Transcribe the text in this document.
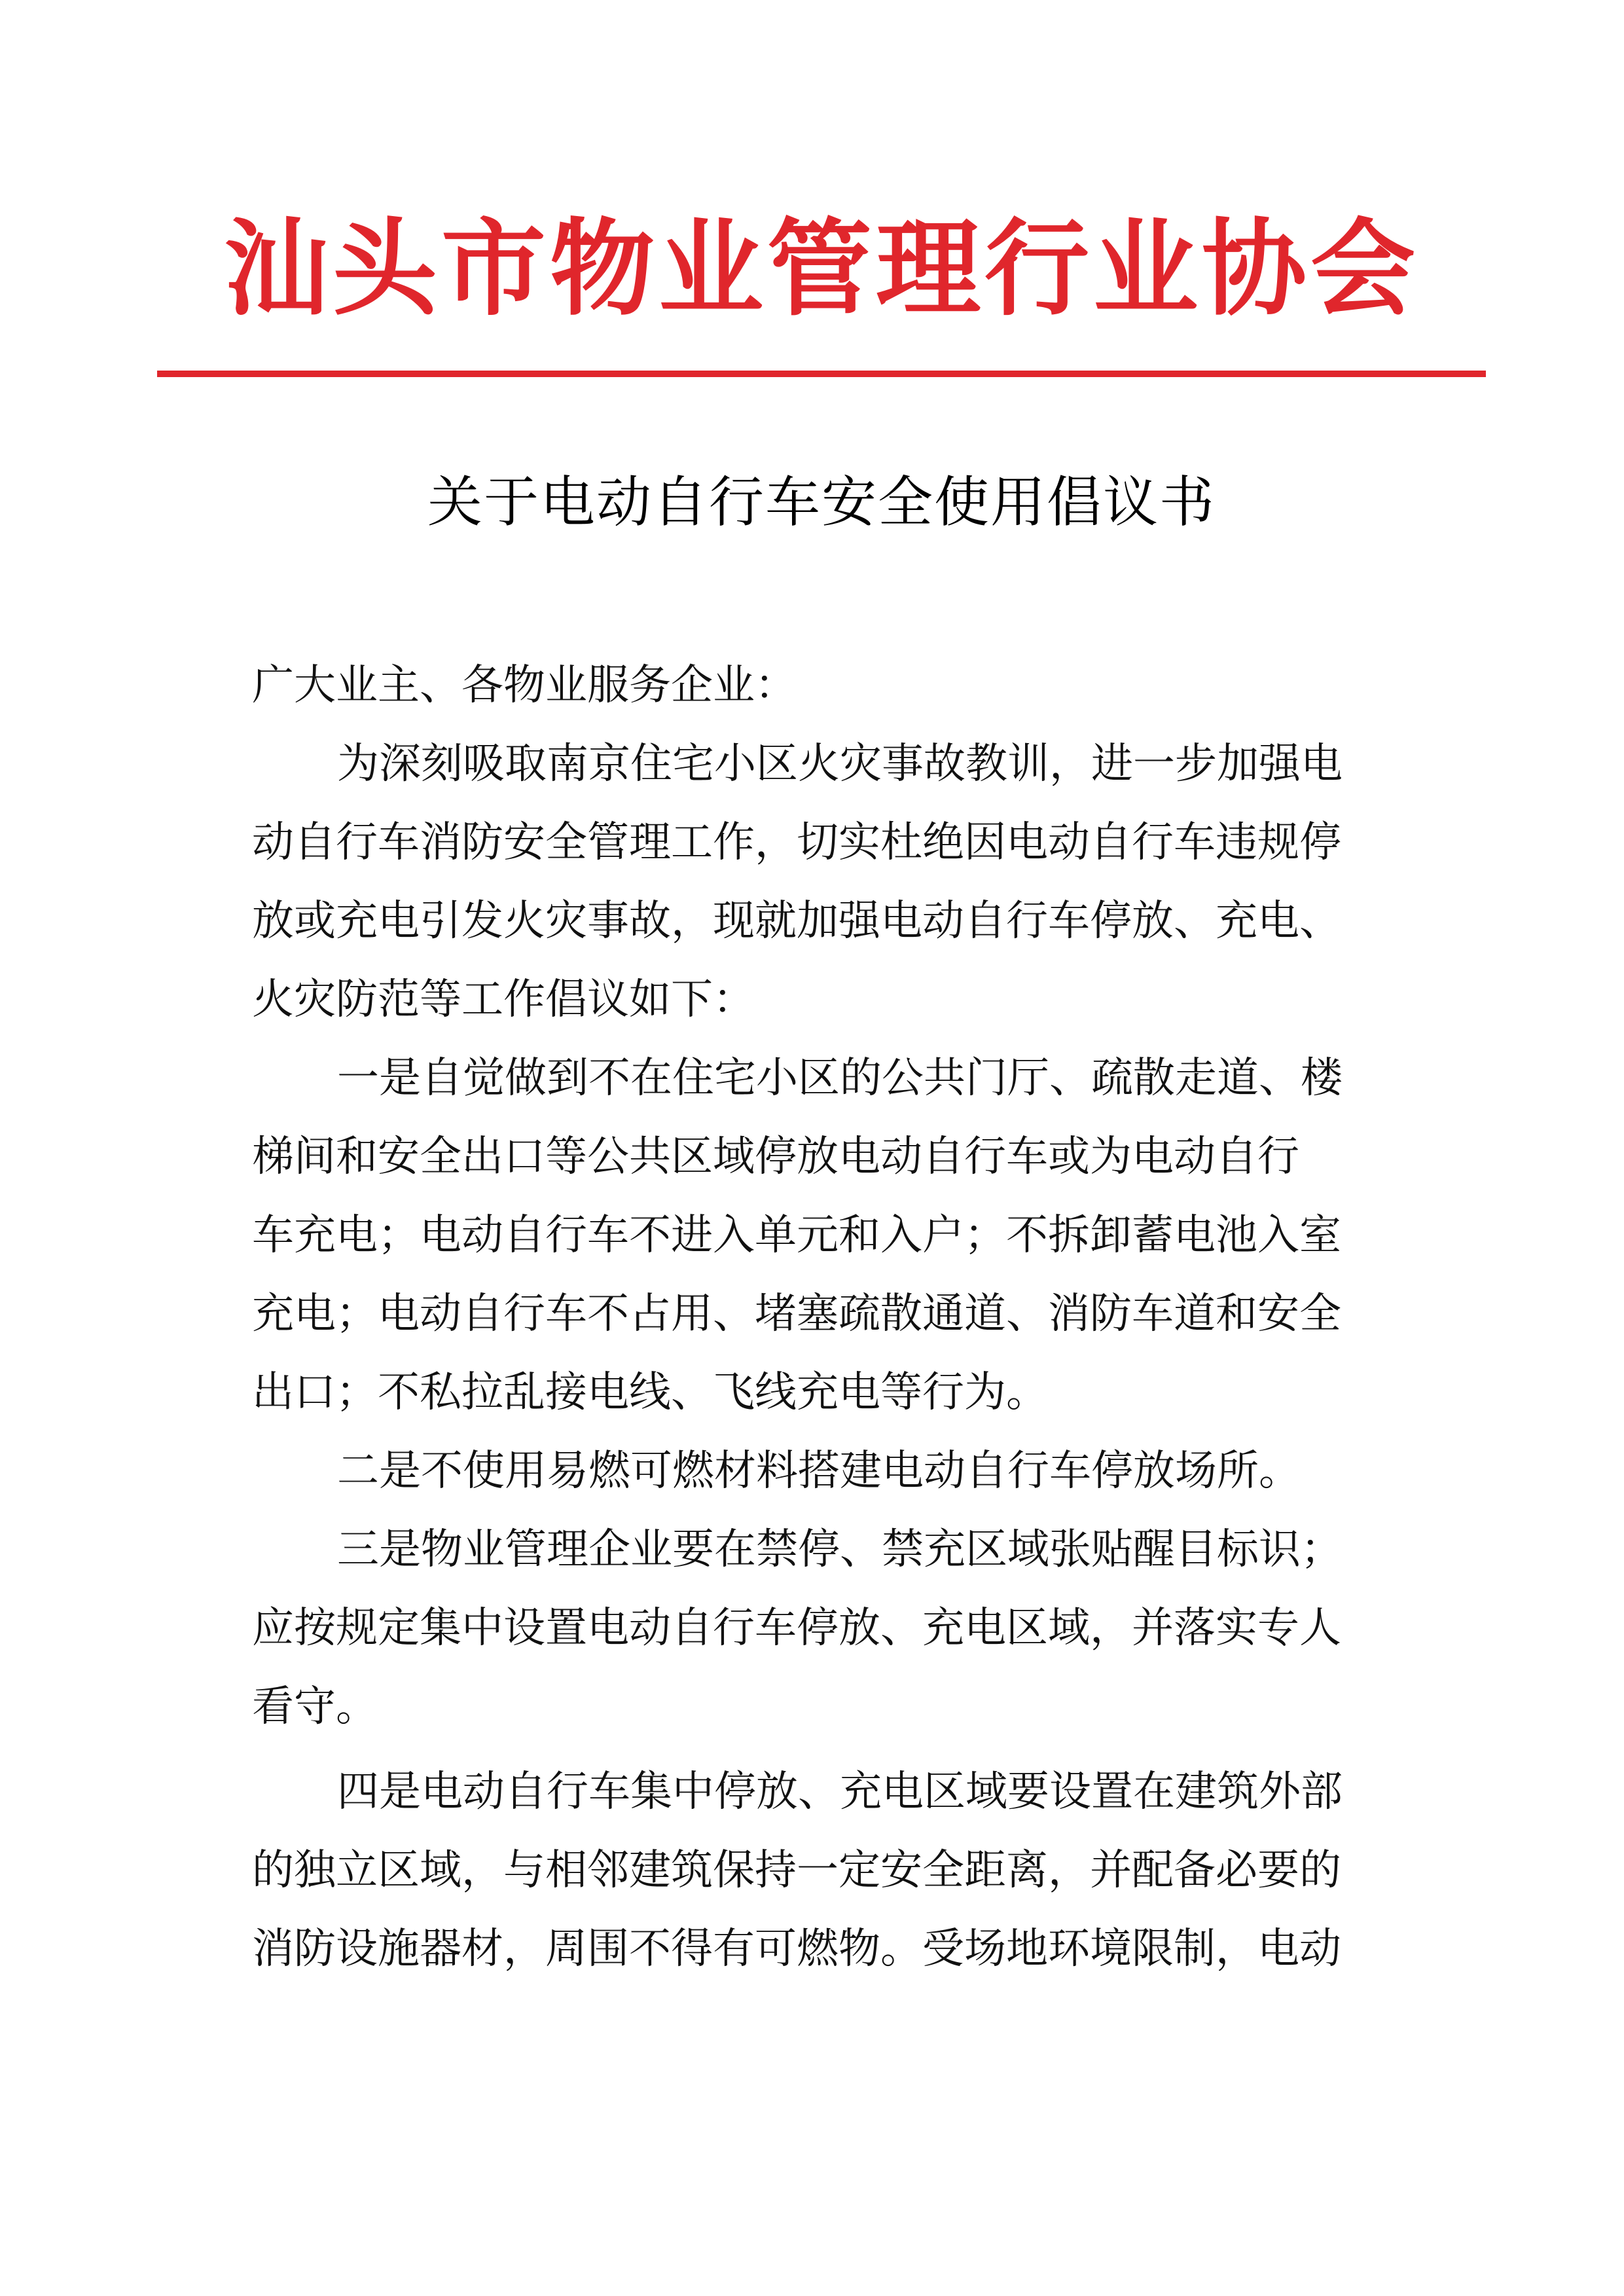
汕头市物业管理行业协会
关于电动自行车安全使用倡议书
广大业主、各物业服务企业：
为深刻吸取南京住宅小区火灾事故教训，进一步加强电
动自行车消防安全管理工作，切实杜绝因电动自行车违规停
放或充电引发火灾事故，现就加强电动自行车停放、充电、
火灾防范等工作倡议如下：
一是自觉做到不在住宅小区的公共门厅、疏散走道、楼
梯间和安全出口等公共区域停放电动自行车或为电动自行
车充电；电动自行车不进入单元和入户；不拆卸蓄电池入室
充电；电动自行车不占用、堵塞疏散通道、消防车道和安全
出口；不私拉乱接电线、飞线充电等行为。
二是不使用易燃可燃材料搭建电动自行车停放场所。
三是物业管理企业要在禁停、禁充区域张贴醒目标识；
应按规定集中设置电动自行车停放、充电区域，并落实专人
看守。
四是电动自行车集中停放、充电区域要设置在建筑外部
的独立区域，与相邻建筑保持一定安全距离，并配备必要的
消防设施器材，周围不得有可燃物。受场地环境限制，电动
